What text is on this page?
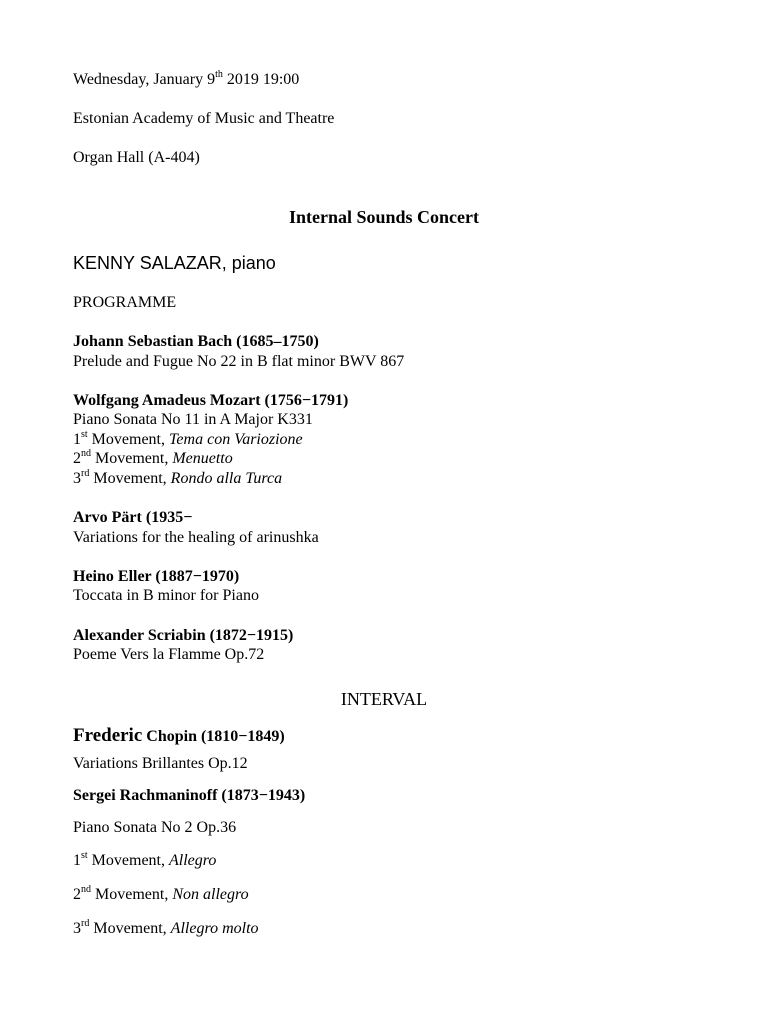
Wednesday, January 9th 2019 19:00
Estonian Academy of Music and Theatre
Organ Hall (A-404)
Internal Sounds Concert
KENNY SALAZAR, piano
PROGRAMME
Johann Sebastian Bach (1685–1750)
Prelude and Fugue No 22 in B flat minor BWV 867
Wolfgang Amadeus Mozart (1756−1791)
Piano Sonata No 11 in A Major K331
1st Movement, Tema con Variozione
2nd Movement, Menuetto
3rd Movement, Rondo alla Turca
Arvo Pärt (1935−
Variations for the healing of arinushka
Heino Eller (1887−1970)
Toccata in B minor for Piano
Alexander Scriabin (1872−1915)
Poeme Vers la Flamme Op.72
INTERVAL
Frederic Chopin (1810−1849)
Variations Brillantes Op.12
Sergei Rachmaninoff (1873−1943)
Piano Sonata No 2 Op.36
1st Movement, Allegro
2nd Movement, Non allegro
3rd Movement, Allegro molto
